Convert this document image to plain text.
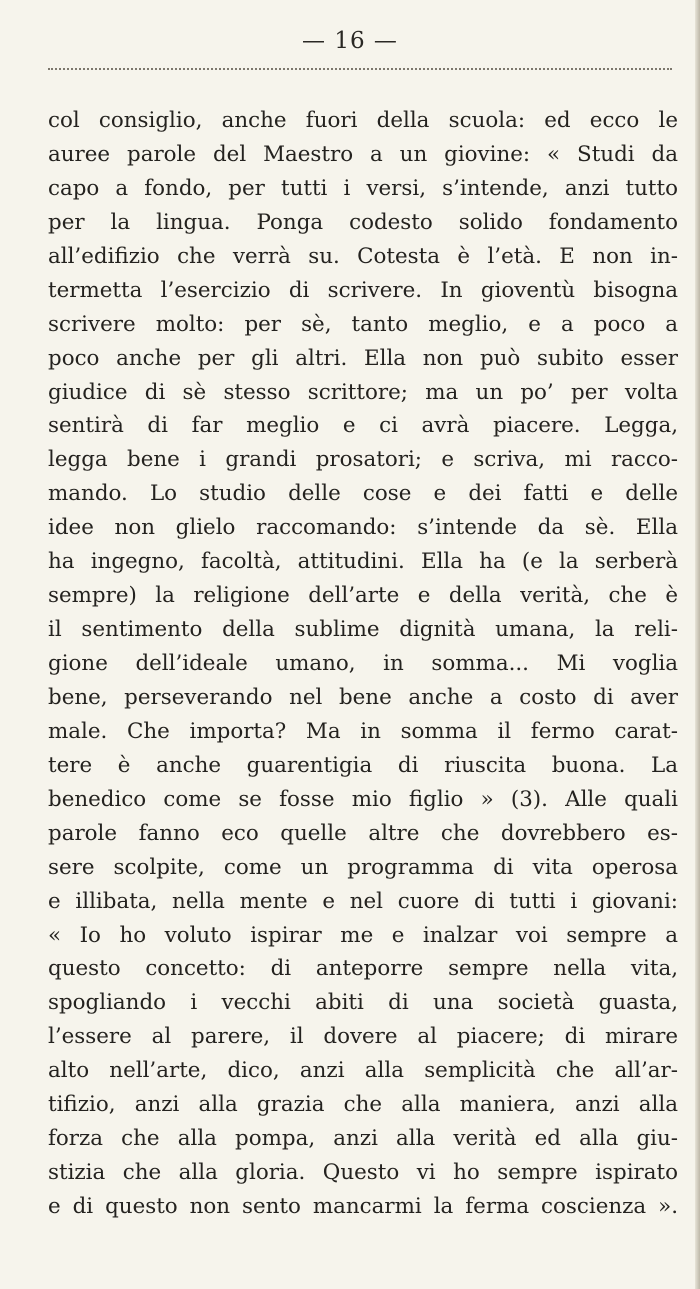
— 16 —
col consiglio, anche fuori della scuola: ed ecco le
auree parole del Maestro a un giovine: « Studi da
capo a fondo, per tutti i versi, s’intende, anzi tutto
per la lingua. Ponga codesto solido fondamento
all’edifizio che verrà su. Cotesta è l’età. E non in-
termetta l’esercizio di scrivere. In gioventù bisogna
scrivere molto: per sè, tanto meglio, e a poco a
poco anche per gli altri. Ella non può subito esser
giudice di sè stesso scrittore; ma un po’ per volta
sentirà di far meglio e ci avrà piacere. Legga,
legga bene i grandi prosatori; e scriva, mi racco-
mando. Lo studio delle cose e dei fatti e delle
idee non glielo raccomando: s’intende da sè. Ella
ha ingegno, facoltà, attitudini. Ella ha (e la serberà
sempre) la religione dell’arte e della verità, che è
il sentimento della sublime dignità umana, la reli-
gione dell’ideale umano, in somma... Mi voglia
bene, perseverando nel bene anche a costo di aver
male. Che importa? Ma in somma il fermo carat-
tere è anche guarentigia di riuscita buona. La
benedico come se fosse mio figlio » (3). Alle quali
parole fanno eco quelle altre che dovrebbero es-
sere scolpite, come un programma di vita operosa
e illibata, nella mente e nel cuore di tutti i giovani:
« Io ho voluto ispirar me e inalzar voi sempre a
questo concetto: di anteporre sempre nella vita,
spogliando i vecchi abiti di una società guasta,
l’essere al parere, il dovere al piacere; di mirare
alto nell’arte, dico, anzi alla semplicità che all’ar-
tifizio, anzi alla grazia che alla maniera, anzi alla
forza che alla pompa, anzi alla verità ed alla giu-
stizia che alla gloria. Questo vi ho sempre ispirato
e di questo non sento mancarmi la ferma coscienza ».
